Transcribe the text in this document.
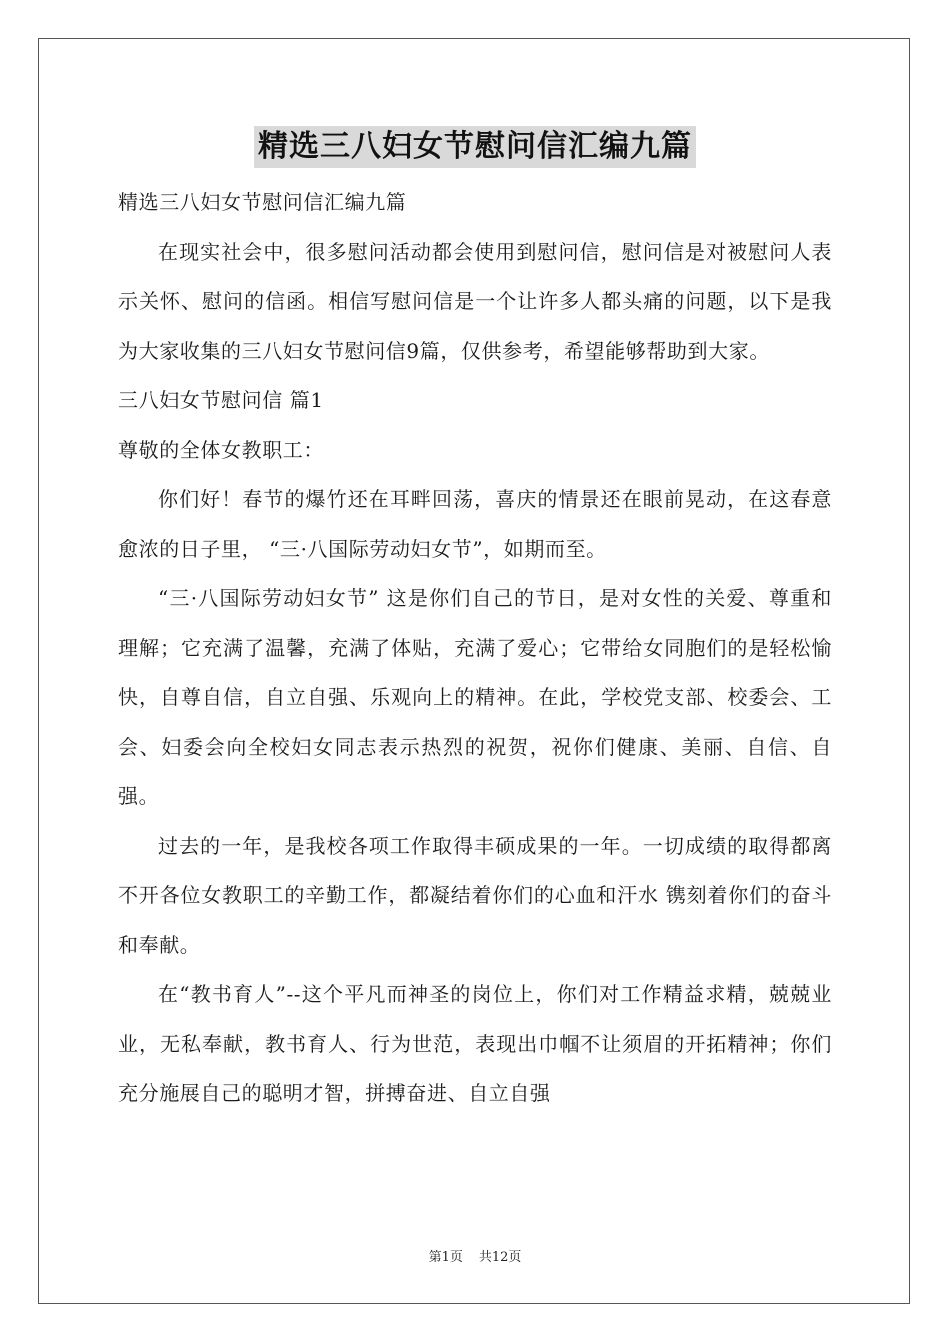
精选三八妇女节慰问信汇编九篇

精选三八妇女节慰问信汇编九篇

在现实社会中，很多慰问活动都会使用到慰问信，慰问信是对被慰问人表示关怀、慰问的信函。相信写慰问信是一个让许多人都头痛的问题，以下是我为大家收集的三八妇女节慰问信9篇，仅供参考，希望能够帮助到大家。

三八妇女节慰问信 篇1

尊敬的全体女教职工：

你们好！春节的爆竹还在耳畔回荡，喜庆的情景还在眼前晃动，在这春意愈浓的日子里， “三·八国际劳动妇女节”，如期而至。

“三·八国际劳动妇女节” 这是你们自己的节日，是对女性的关爱、尊重和理解；它充满了温馨，充满了体贴，充满了爱心；它带给女同胞们的是轻松愉快，自尊自信，自立自强、乐观向上的精神。在此，学校党支部、校委会、工会、妇委会向全校妇女同志表示热烈的祝贺，祝你们健康、美丽、自信、自强。

过去的一年，是我校各项工作取得丰硕成果的一年。一切成绩的取得都离不开各位女教职工的辛勤工作，都凝结着你们的心血和汗水 镌刻着你们的奋斗和奉献。

在“教书育人”--这个平凡而神圣的岗位上，你们对工作精益求精，兢兢业业，无私奉献，教书育人、行为世范，表现出巾帼不让须眉的开拓精神；你们充分施展自己的聪明才智，拼搏奋进、自立自强

第1页 共12页
